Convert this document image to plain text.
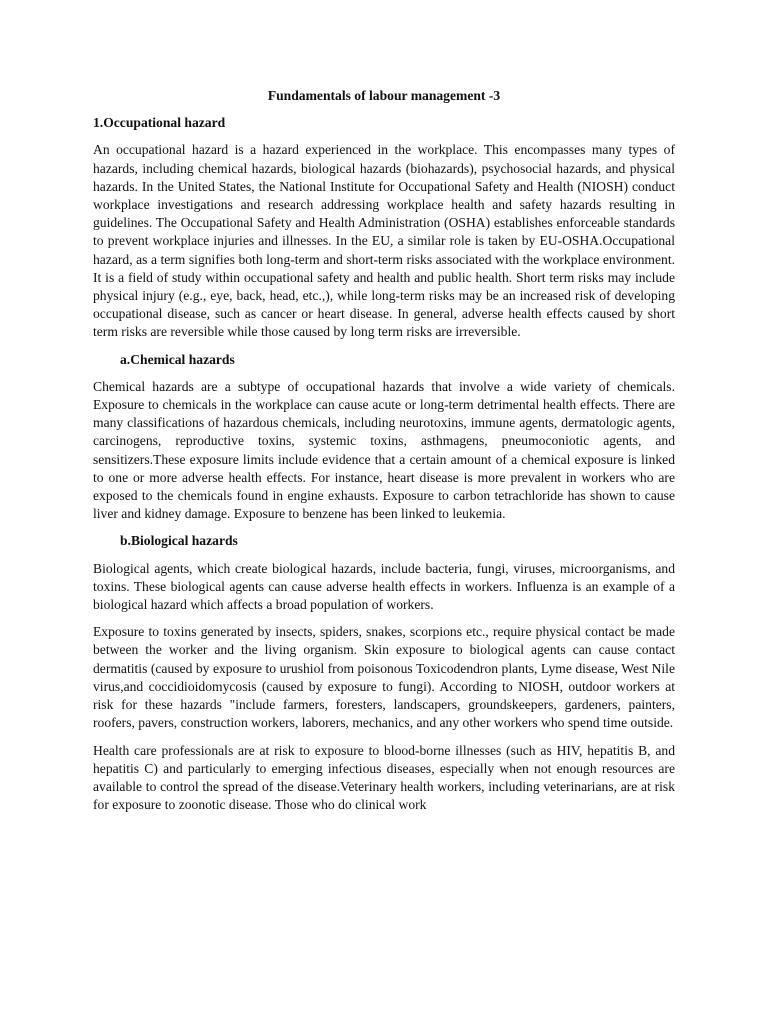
Fundamentals of labour management -3
1.Occupational hazard

An occupational hazard is a hazard experienced in the workplace. This encompasses many types of hazards, including chemical hazards, biological hazards (biohazards), psychosocial hazards, and physical hazards. In the United States, the National Institute for Occupational Safety and Health (NIOSH) conduct workplace investigations and research addressing workplace health and safety hazards resulting in guidelines. The Occupational Safety and Health Administration (OSHA) establishes enforceable standards to prevent workplace injuries and illnesses. In the EU, a similar role is taken by EU-OSHA.Occupational hazard, as a term signifies both long-term and short-term risks associated with the workplace environment. It is a field of study within occupational safety and health and public health. Short term risks may include physical injury (e.g., eye, back, head, etc.,), while long-term risks may be an increased risk of developing occupational disease, such as cancer or heart disease. In general, adverse health effects caused by short term risks are reversible while those caused by long term risks are irreversible.

a.Chemical hazards

Chemical hazards are a subtype of occupational hazards that involve a wide variety of chemicals. Exposure to chemicals in the workplace can cause acute or long-term detrimental health effects. There are many classifications of hazardous chemicals, including neurotoxins, immune agents, dermatologic agents, carcinogens, reproductive toxins, systemic toxins, asthmagens, pneumoconiotic agents, and sensitizers.These exposure limits include evidence that a certain amount of a chemical exposure is linked to one or more adverse health effects. For instance, heart disease is more prevalent in workers who are exposed to the chemicals found in engine exhausts. Exposure to carbon tetrachloride has shown to cause liver and kidney damage. Exposure to benzene has been linked to leukemia.

b.Biological hazards

Biological agents, which create biological hazards, include bacteria, fungi, viruses, microorganisms, and toxins. These biological agents can cause adverse health effects in workers. Influenza is an example of a biological hazard which affects a broad population of workers.

Exposure to toxins generated by insects, spiders, snakes, scorpions etc., require physical contact be made between the worker and the living organism. Skin exposure to biological agents can cause contact dermatitis (caused by exposure to urushiol from poisonous Toxicodendron plants, Lyme disease, West Nile virus,and coccidioidomycosis (caused by exposure to fungi). According to NIOSH, outdoor workers at risk for these hazards "include farmers, foresters, landscapers, groundskeepers, gardeners, painters, roofers, pavers, construction workers, laborers, mechanics, and any other workers who spend time outside.

Health care professionals are at risk to exposure to blood-borne illnesses (such as HIV, hepatitis B, and hepatitis C) and particularly to emerging infectious diseases, especially when not enough resources are available to control the spread of the disease.Veterinary health workers, including veterinarians, are at risk for exposure to zoonotic disease. Those who do clinical work
